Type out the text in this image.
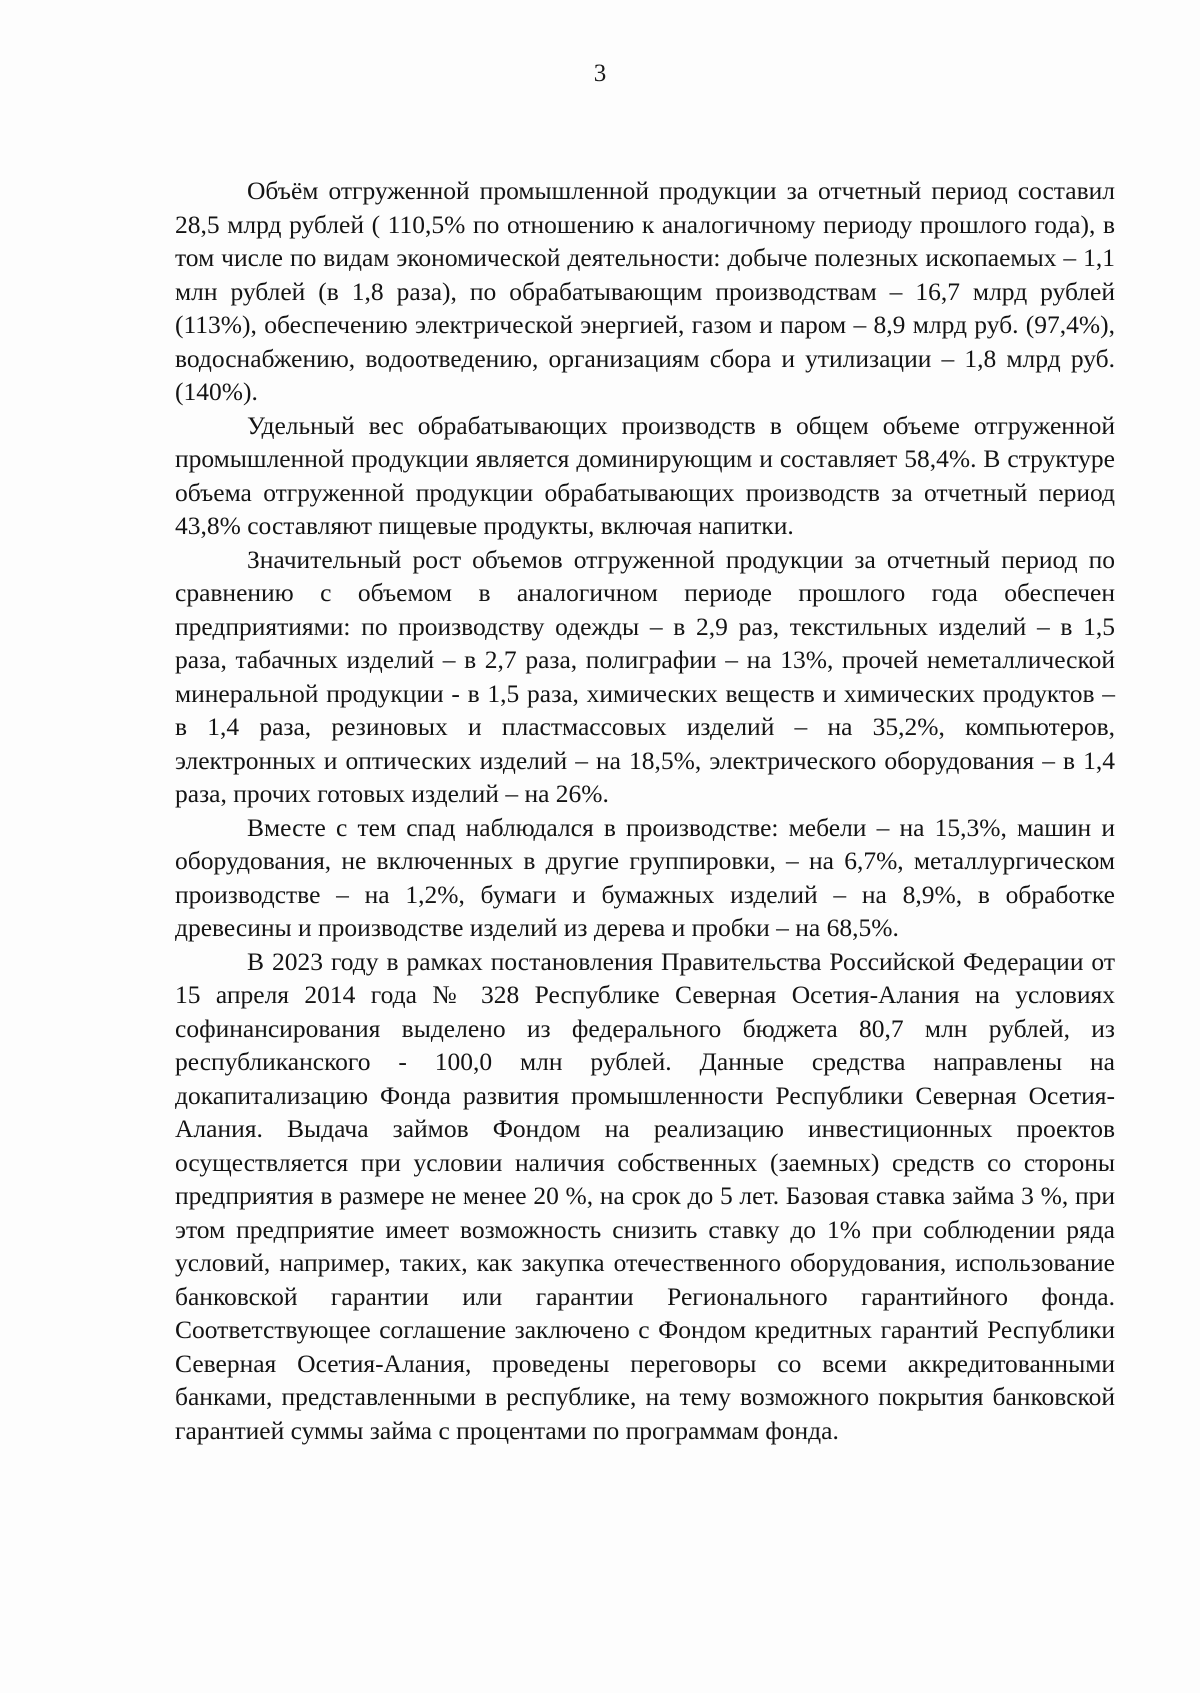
3

Объём отгруженной промышленной продукции за отчетный период составил 28,5 млрд рублей ( 110,5% по отношению к аналогичному периоду прошлого года), в том числе по видам экономической деятельности: добыче полезных ископаемых – 1,1 млн рублей (в 1,8 раза), по обрабатывающим производствам – 16,7 млрд рублей (113%), обеспечению электрической энергией, газом и паром – 8,9 млрд руб. (97,4%), водоснабжению, водоотведению, организациям сбора и утилизации – 1,8 млрд руб. (140%).

Удельный вес обрабатывающих производств в общем объеме отгруженной промышленной продукции является доминирующим и составляет 58,4%. В структуре объема отгруженной продукции обрабатывающих производств за отчетный период 43,8% составляют пищевые продукты, включая напитки.

Значительный рост объемов отгруженной продукции за отчетный период по сравнению с объемом в аналогичном периоде прошлого года обеспечен предприятиями: по производству одежды – в 2,9 раз, текстильных изделий – в 1,5 раза, табачных изделий – в 2,7 раза, полиграфии – на 13%, прочей неметаллической минеральной продукции - в 1,5 раза, химических веществ и химических продуктов – в 1,4 раза, резиновых и пластмассовых изделий – на 35,2%, компьютеров, электронных и оптических изделий – на 18,5%, электрического оборудования – в 1,4 раза, прочих готовых изделий – на 26%.

Вместе с тем спад наблюдался в производстве: мебели – на 15,3%, машин и оборудования, не включенных в другие группировки, – на 6,7%, металлургическом производстве – на 1,2%, бумаги и бумажных изделий – на 8,9%, в обработке древесины и производстве изделий из дерева и пробки – на 68,5%.

В 2023 году в рамках постановления Правительства Российской Федерации от 15 апреля 2014 года № 328 Республике Северная Осетия-Алания на условиях софинансирования выделено из федерального бюджета 80,7 млн рублей, из республиканского - 100,0 млн рублей. Данные средства направлены на докапитализацию Фонда развития промышленности Республики Северная Осетия-Алания. Выдача займов Фондом на реализацию инвестиционных проектов осуществляется при условии наличия собственных (заемных) средств со стороны предприятия в размере не менее 20 %, на срок до 5 лет. Базовая ставка займа 3 %, при этом предприятие имеет возможность снизить ставку до 1% при соблюдении ряда условий, например, таких, как закупка отечественного оборудования, использование банковской гарантии или гарантии Регионального гарантийного фонда. Соответствующее соглашение заключено с Фондом кредитных гарантий Республики Северная Осетия-Алания, проведены переговоры со всеми аккредитованными банками, представленными в республике, на тему возможного покрытия банковской гарантией суммы займа с процентами по программам фонда.
